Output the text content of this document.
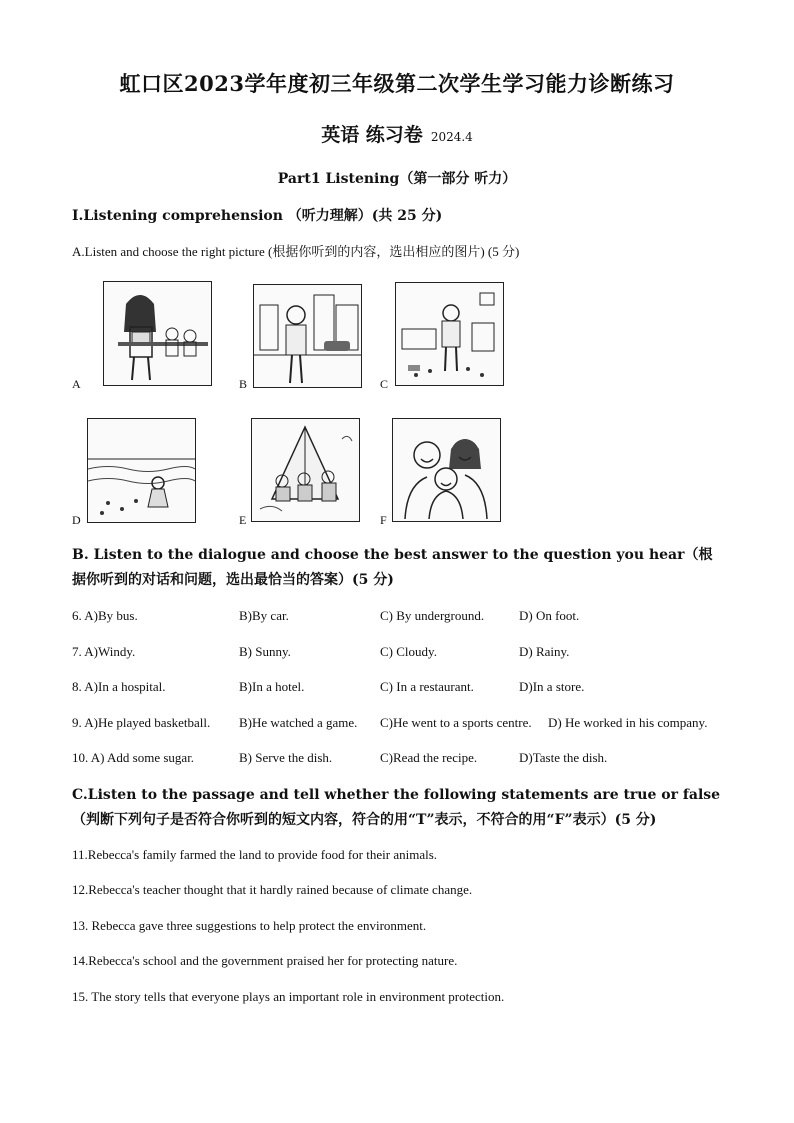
虹口区2023学年度初三年级第二次学生学习能力诊断练习
英语 练习卷 2024.4
Part1 Listening（第一部分 听力）
I.Listening comprehension （听力理解）(共 25 分)
A.Listen and choose the right picture (根据你听到的内容，选出相应的图片) (5 分)
A	B	C
D	E	F
B. Listen to the dialogue and choose the best answer to the question you hear（根据你听到的对话和问题，选出最恰当的答案）(5 分)
6. A)By bus.	B)By car.	C) By underground.	D) On foot.
7. A)Windy.	B) Sunny.	C) Cloudy.	D) Rainy.
8. A)In a hospital.	B)In a hotel.	C) In a restaurant.	D)In a store.
9. A)He played basketball. B)He watched a game. C)He went to a sports centre. D) He worked in his company.
10. A) Add some sugar.	B) Serve the dish.	C)Read the recipe.	D)Taste the dish.
C.Listen to the passage and tell whether the following statements are true or false（判断下列句子是否符合你听到的短文内容，符合的用“T”表示，不符合的用“F”表示）(5 分)
11.Rebecca's family farmed the land to provide food for their animals.
12.Rebecca's teacher thought that it hardly rained because of climate change.
13. Rebecca gave three suggestions to help protect the environment.
14.Rebecca's school and the government praised her for protecting nature.
15. The story tells that everyone plays an important role in environment protection.
